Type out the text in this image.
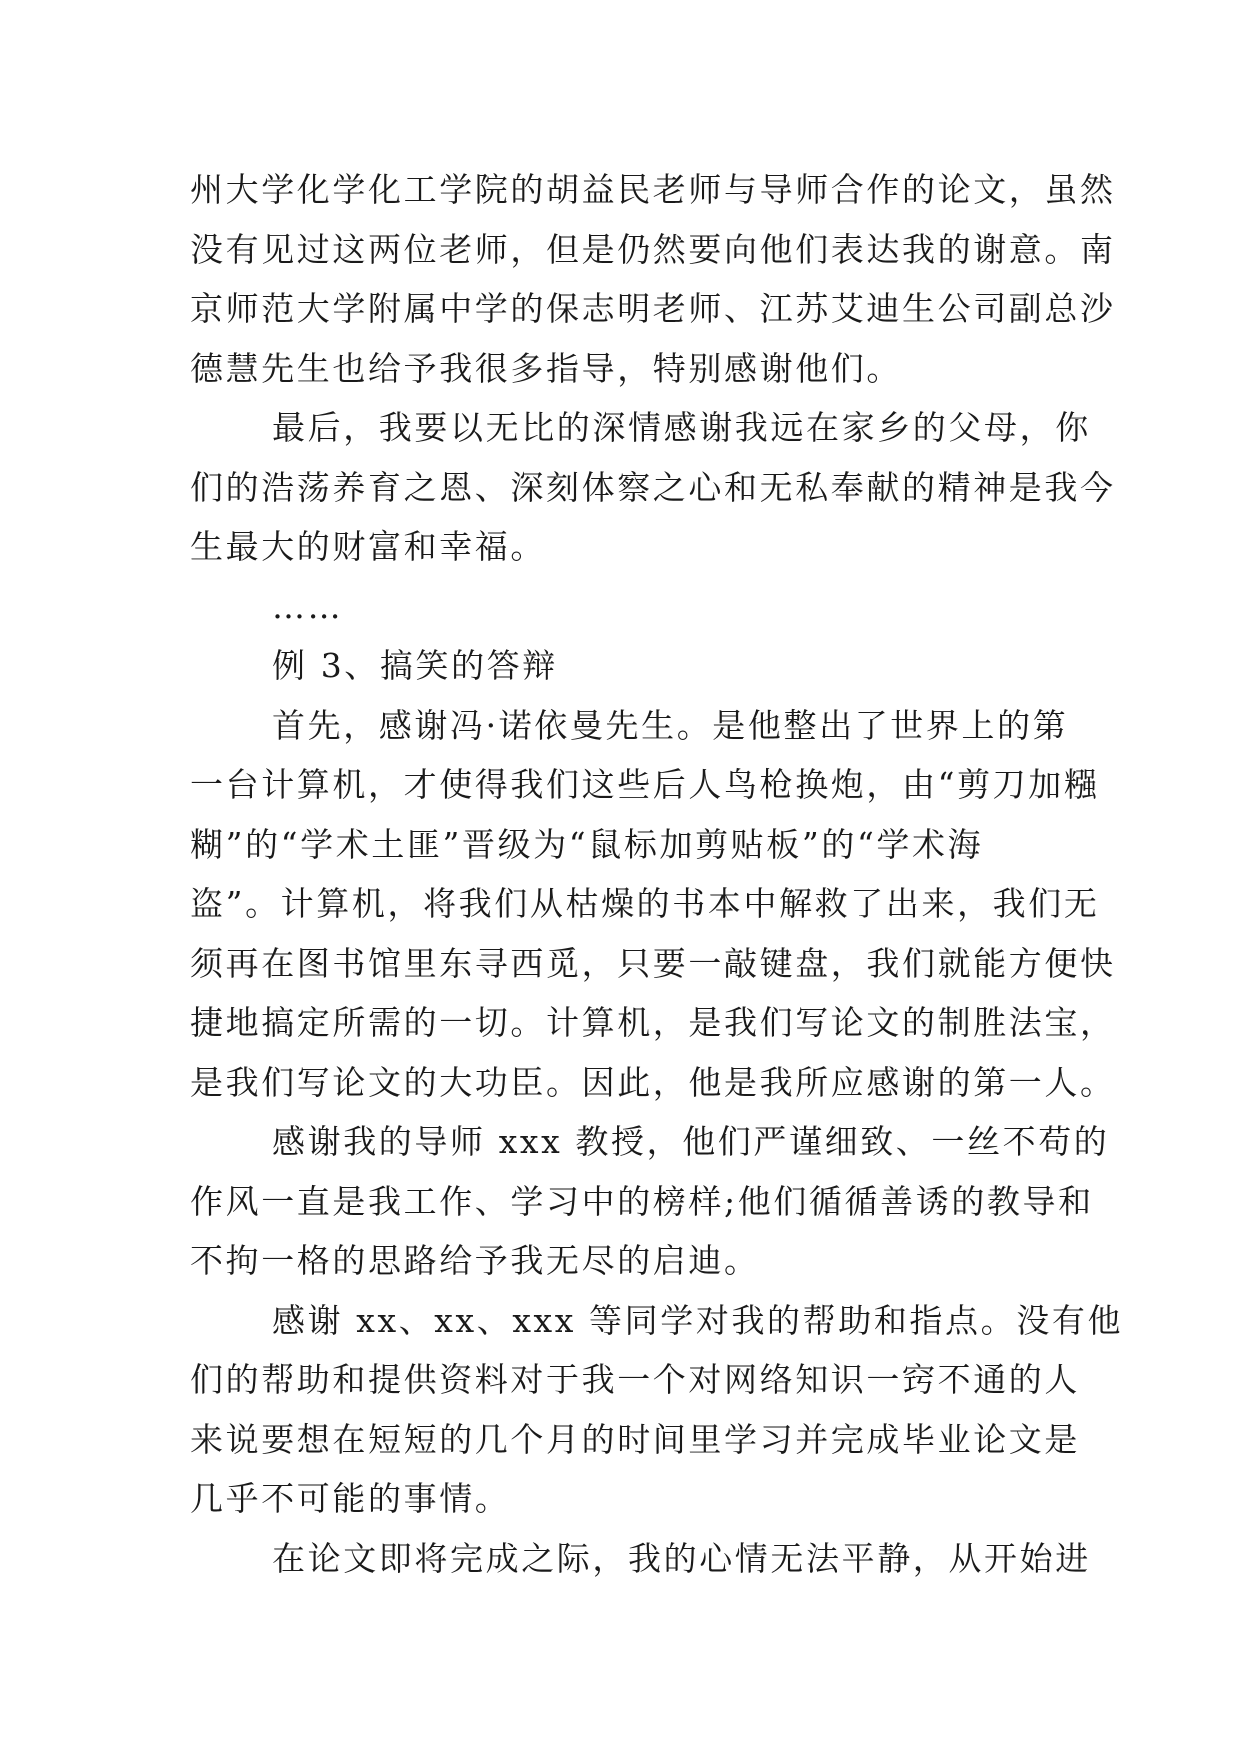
州大学化学化工学院的胡益民老师与导师合作的论文，虽然
没有见过这两位老师，但是仍然要向他们表达我的谢意。南
京师范大学附属中学的保志明老师、江苏艾迪生公司副总沙
德慧先生也给予我很多指导，特别感谢他们。
最后，我要以无比的深情感谢我远在家乡的父母，你
们的浩荡养育之恩、深刻体察之心和无私奉献的精神是我今
生最大的财富和幸福。
……
例 3、搞笑的答辩
首先，感谢冯·诺依曼先生。是他整出了世界上的第
一台计算机，才使得我们这些后人鸟枪换炮，由“剪刀加糨
糊”的“学术土匪”晋级为“鼠标加剪贴板”的“学术海
盗”。计算机，将我们从枯燥的书本中解救了出来，我们无
须再在图书馆里东寻西觅，只要一敲键盘，我们就能方便快
捷地搞定所需的一切。计算机，是我们写论文的制胜法宝，
是我们写论文的大功臣。因此，他是我所应感谢的第一人。
感谢我的导师 xxx 教授，他们严谨细致、一丝不苟的
作风一直是我工作、学习中的榜样;他们循循善诱的教导和
不拘一格的思路给予我无尽的启迪。
感谢 xx、xx、xxx 等同学对我的帮助和指点。没有他
们的帮助和提供资料对于我一个对网络知识一窍不通的人
来说要想在短短的几个月的时间里学习并完成毕业论文是
几乎不可能的事情。
在论文即将完成之际，我的心情无法平静，从开始进
